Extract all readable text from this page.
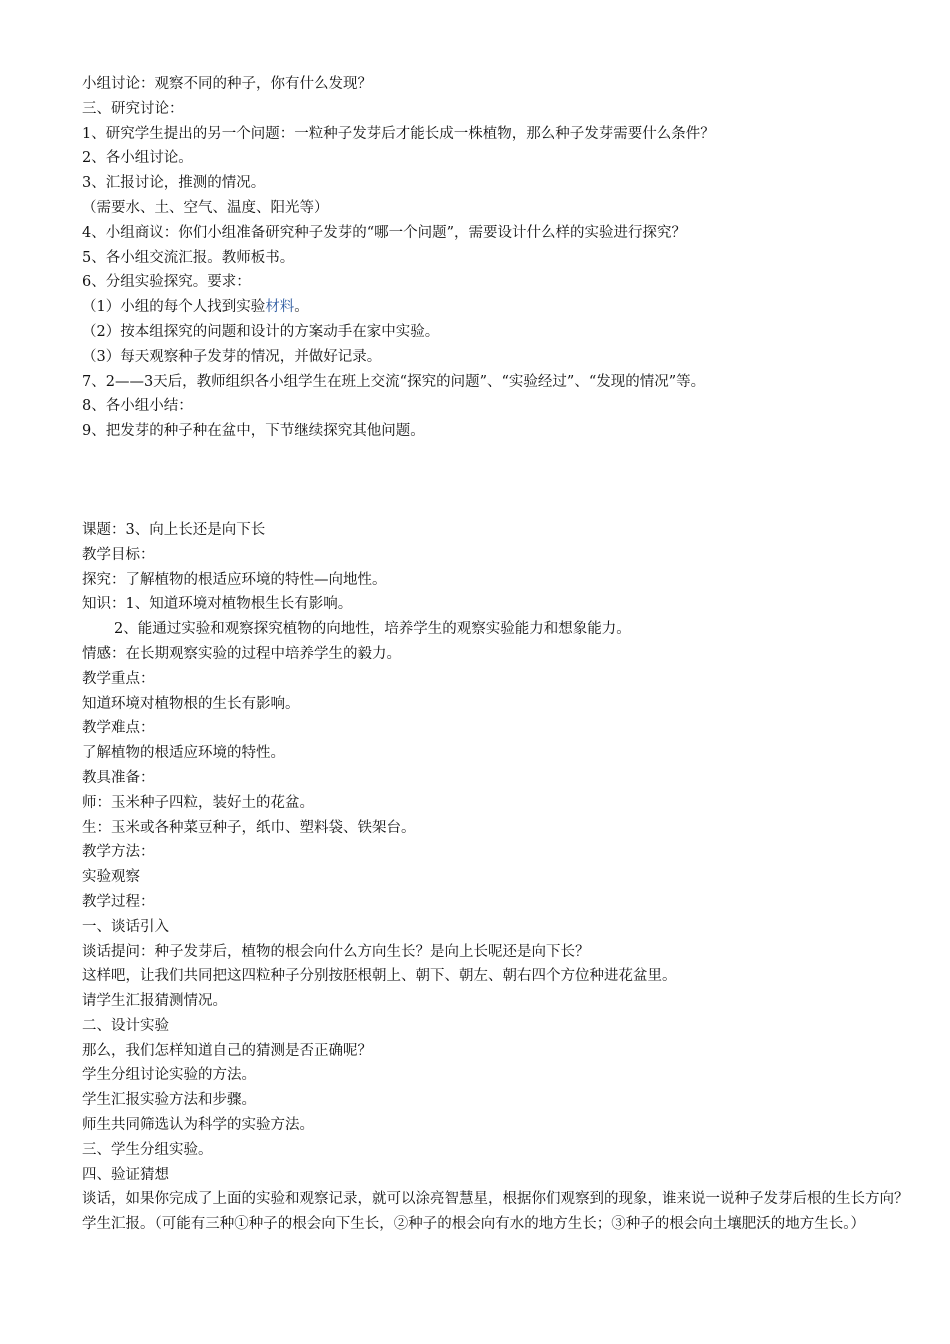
小组讨论：观察不同的种子，你有什么发现？
三、研究讨论：
1、研究学生提出的另一个问题：一粒种子发芽后才能长成一株植物，那么种子发芽需要什么条件？
2、各小组讨论。
3、汇报讨论，推测的情况。
（需要水、土、空气、温度、阳光等）
4、小组商议：你们小组准备研究种子发芽的“哪一个问题”，需要设计什么样的实验进行探究？
5、各小组交流汇报。教师板书。
6、分组实验探究。要求：
（1）小组的每个人找到实验材料。
（2）按本组探究的问题和设计的方案动手在家中实验。
（3）每天观察种子发芽的情况，并做好记录。
7、2——3天后，教师组织各小组学生在班上交流“探究的问题”、“实验经过”、“发现的情况”等。
8、各小组小结：
9、把发芽的种子种在盆中，下节继续探究其他问题。
课题：3、向上长还是向下长
教学目标：
探究：了解植物的根适应环境的特性—向地性。
知识：1、知道环境对植物根生长有影响。
2、能通过实验和观察探究植物的向地性，培养学生的观察实验能力和想象能力。
情感：在长期观察实验的过程中培养学生的毅力。
教学重点：
知道环境对植物根的生长有影响。
教学难点：
了解植物的根适应环境的特性。
教具准备：
师：玉米种子四粒，装好土的花盆。
生：玉米或各种菜豆种子，纸巾、塑料袋、铁架台。
教学方法：
实验观察
教学过程：
一、谈话引入
谈话提问：种子发芽后，植物的根会向什么方向生长？是向上长呢还是向下长？
这样吧，让我们共同把这四粒种子分别按胚根朝上、朝下、朝左、朝右四个方位种进花盆里。
请学生汇报猜测情况。
二、设计实验
那么，我们怎样知道自己的猜测是否正确呢？
学生分组讨论实验的方法。
学生汇报实验方法和步骤。
师生共同筛选认为科学的实验方法。
三、学生分组实验。
四、验证猜想
谈话，如果你完成了上面的实验和观察记录，就可以涂亮智慧星，根据你们观察到的现象，谁来说一说种子发芽后根的生长方向？
学生汇报。（可能有三种①种子的根会向下生长，②种子的根会向有水的地方生长；③种子的根会向土壤肥沃的地方生长。）
